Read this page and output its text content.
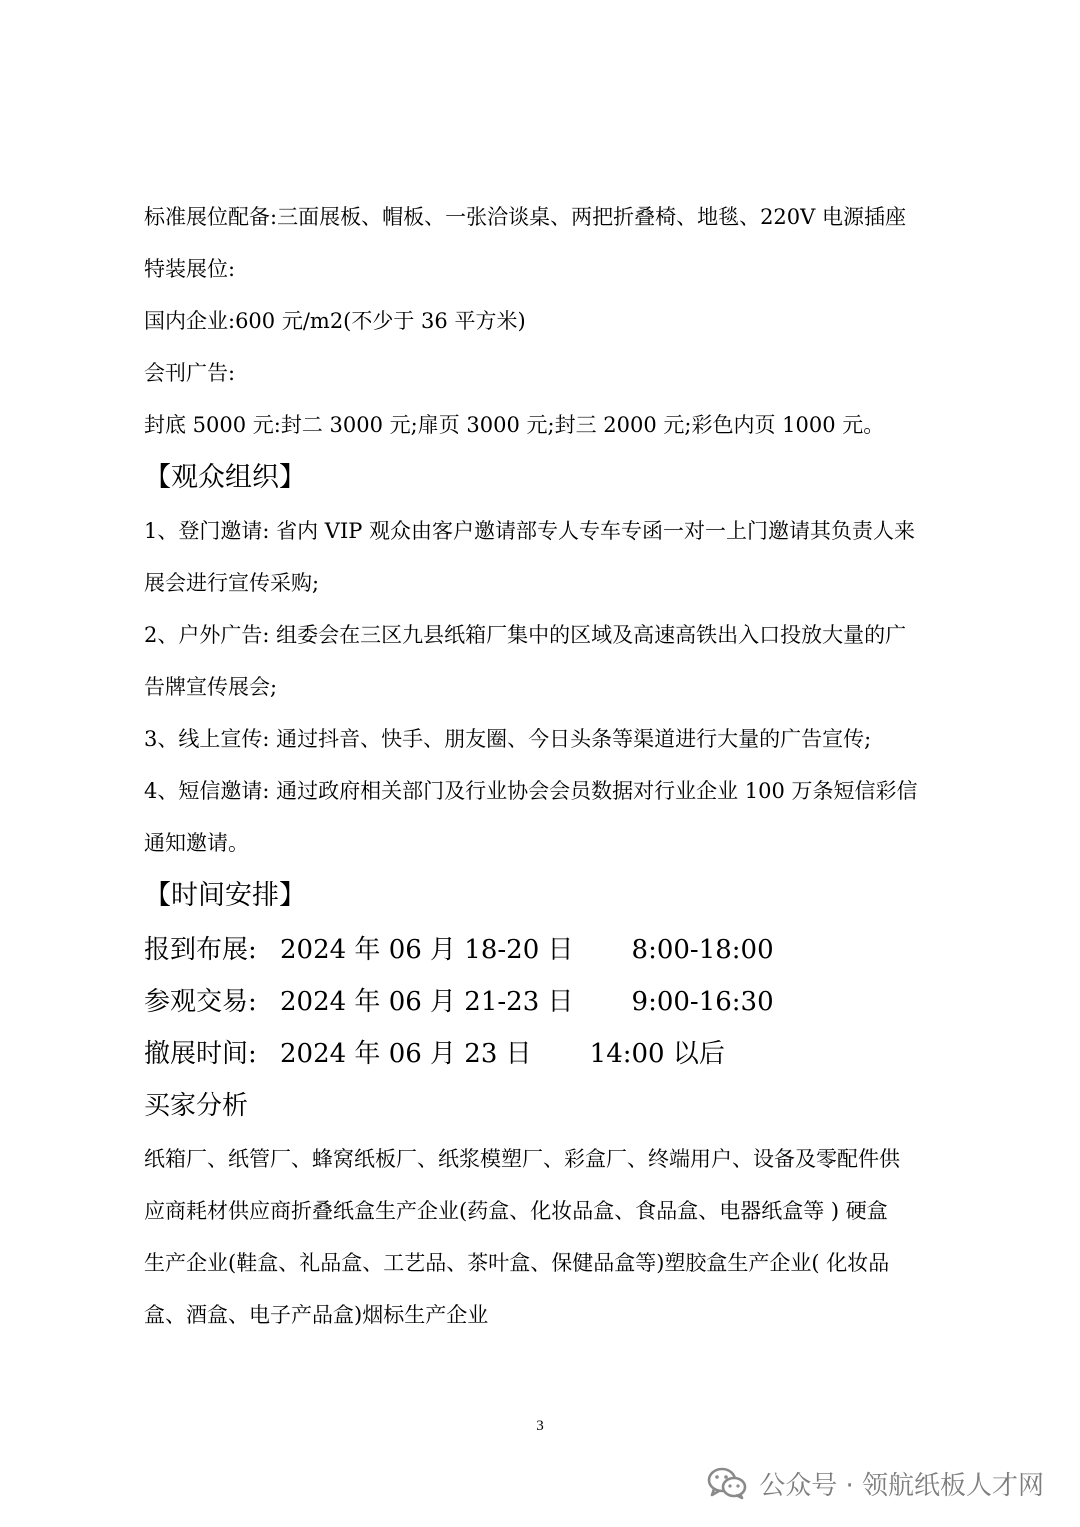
标准展位配备:三面展板、帽板、一张洽谈桌、两把折叠椅、地毯、220V 电源插座
特装展位:
国内企业:600 元/m2(不少于 36 平方米)
会刊广告:
封底 5000 元:封二 3000 元;扉页 3000 元;封三 2000 元;彩色内页 1000 元。
【观众组织】
1、登门邀请: 省内 VIP 观众由客户邀请部专人专车专函一对一上门邀请其负责人来
展会进行宣传采购;
2、户外广告: 组委会在三区九县纸箱厂集中的区域及高速高铁出入口投放大量的广
告牌宣传展会;
3、线上宣传: 通过抖音、快手、朋友圈、今日头条等渠道进行大量的广告宣传;
4、短信邀请: 通过政府相关部门及行业协会会员数据对行业企业 100 万条短信彩信
通知邀请。
【时间安排】
报到布展: 2024 年 06 月 18-20 日 8:00-18:00
参观交易: 2024 年 06 月 21-23 日 9:00-16:30
撤展时间: 2024 年 06 月 23 日 14:00 以后
买家分析
纸箱厂、纸管厂、蜂窝纸板厂、纸浆模塑厂、彩盒厂、终端用户、设备及零配件供
应商耗材供应商折叠纸盒生产企业(药盒、化妆品盒、食品盒、电器纸盒等 ) 硬盒
生产企业(鞋盒、礼品盒、工艺品、茶叶盒、保健品盒等)塑胶盒生产企业( 化妆品
盒、酒盒、电子产品盒)烟标生产企业
3
公众号 · 领航纸板人才网
